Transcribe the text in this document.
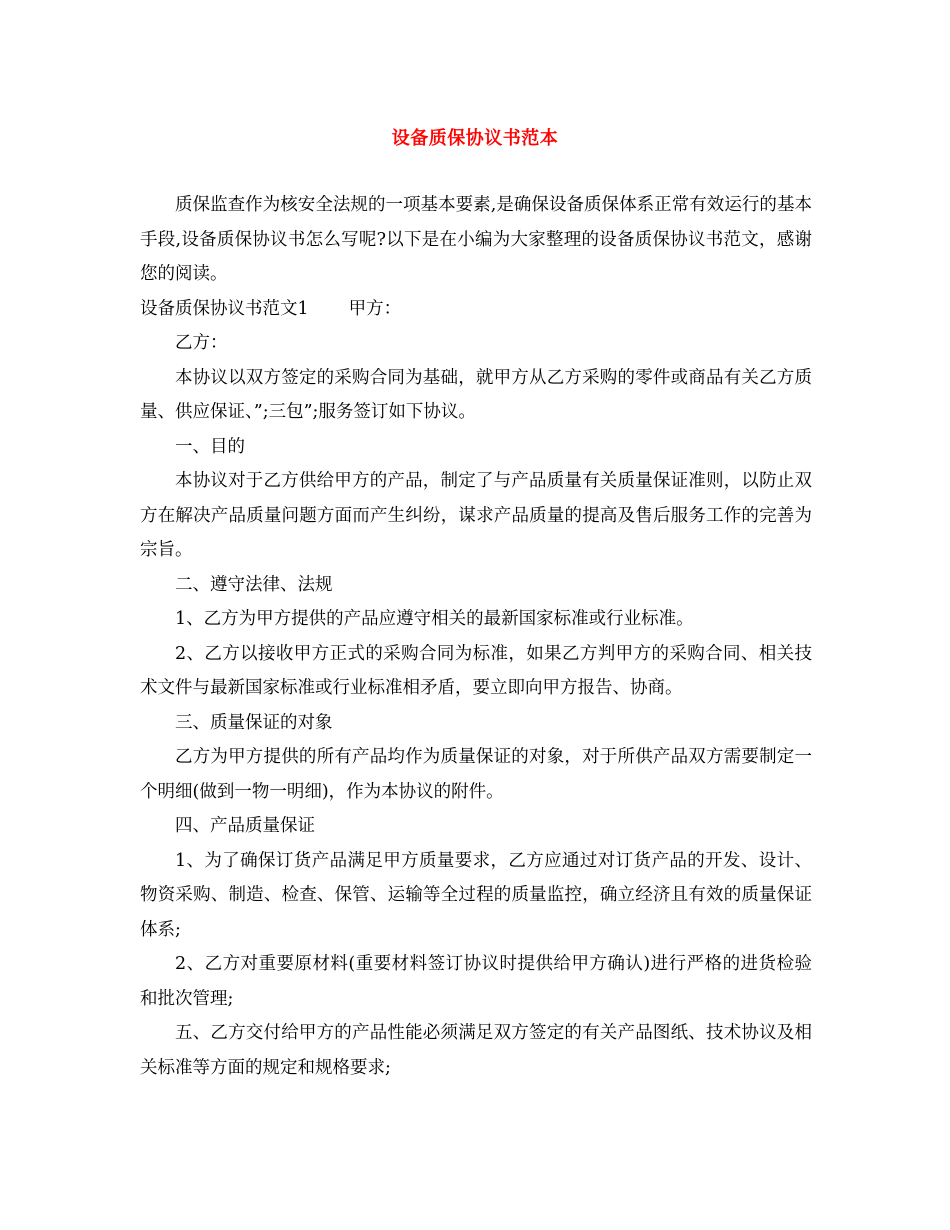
设备质保协议书范本

质保监查作为核安全法规的一项基本要素,是确保设备质保体系正常有效运行的基本手段,设备质保协议书怎么写呢?以下是在小编为大家整理的设备质保协议书范文，感谢您的阅读。

设备质保协议书范文1 甲方：

乙方：

本协议以双方签定的采购合同为基础，就甲方从乙方采购的零件或商品有关乙方质量、供应保证、”;三包”;服务签订如下协议。

一、目的

本协议对于乙方供给甲方的产品，制定了与产品质量有关质量保证准则，以防止双方在解决产品质量问题方面而产生纠纷，谋求产品质量的提高及售后服务工作的完善为宗旨。

二、遵守法律、法规

1、乙方为甲方提供的产品应遵守相关的最新国家标准或行业标准。

2、乙方以接收甲方正式的采购合同为标准，如果乙方判甲方的采购合同、相关技术文件与最新国家标准或行业标准相矛盾，要立即向甲方报告、协商。

三、质量保证的对象

乙方为甲方提供的所有产品均作为质量保证的对象，对于所供产品双方需要制定一个明细(做到一物一明细)，作为本协议的附件。

四、产品质量保证

1、为了确保订货产品满足甲方质量要求，乙方应通过对订货产品的开发、设计、物资采购、制造、检查、保管、运输等全过程的质量监控，确立经济且有效的质量保证体系;

2、乙方对重要原材料(重要材料签订协议时提供给甲方确认)进行严格的进货检验和批次管理;

五、乙方交付给甲方的产品性能必须满足双方签定的有关产品图纸、技术协议及相关标准等方面的规定和规格要求;
